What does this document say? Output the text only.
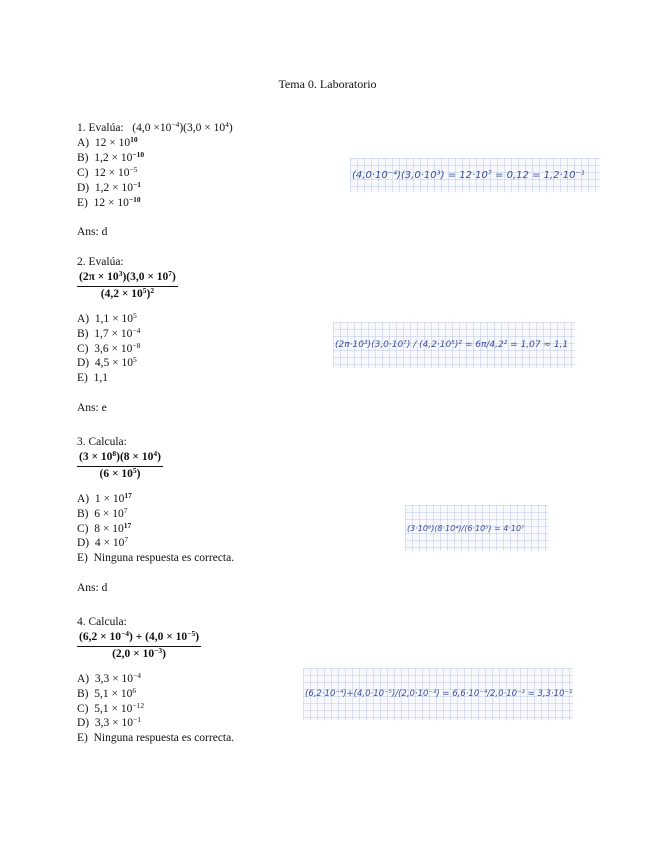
Tema 0. Laboratorio
1. Evalúa: $(4,0 \times 10^{-4})(3,0 \times 10^4)$
A)  $12 \times 10^{10}$
B)  $1,2 \times 10^{-10}$
C)  $12 \times 10^{-5}$
D)  $1,2 \times 10^{-1}$
E)  $12 \times 10^{-10}$
Ans: d
(4,0·10⁻⁴)(3,0·10³) = 12·10⁷ = 0,12 = 1,2·10⁻¹
2. Evalúa:
$\frac{(2\pi \times 10^3)(3,0 \times 10^7)}{(4,2 \times 10^5)^2}$
A)  $1,1 \times 10^5$
B)  $1,7 \times 10^{-4}$
C)  $3,6 \times 10^{-8}$
D)  $4,5 \times 10^5$
E)  1,1
Ans: e
(2π·10³)(3,0·10⁷) / (4,2·10⁵)² = 6π/4,2² = 1,07 ≈ 1,1
3. Calcula:
$\frac{(3 \times 10^8)(8 \times 10^4)}{(6 \times 10^5)}$
A)  $1 \times 10^{17}$
B)  $6 \times 10^7$
C)  $8 \times 10^{17}$
D)  $4 \times 10^7$
E)  Ninguna respuesta es correcta.
Ans: d
(3·10⁸)(8·10⁴)/(6·10⁵) = 4·10⁷
4. Calcula:
$\frac{(6,2 \times 10^{-4}) + (4,0 \times 10^{-5})}{(2,0 \times 10^{-3})}$
A)  $3,3 \times 10^{-4}$
B)  $5,1 \times 10^6$
C)  $5,1 \times 10^{-12}$
D)  $3,3 \times 10^{-1}$
E)  Ninguna respuesta es correcta.
(6,2·10⁻⁴)+(4,0·10⁻⁵)/(2,0·10⁻³) = 6,6·10⁻⁴/2,0·10⁻³ = 3,3·10⁻¹
